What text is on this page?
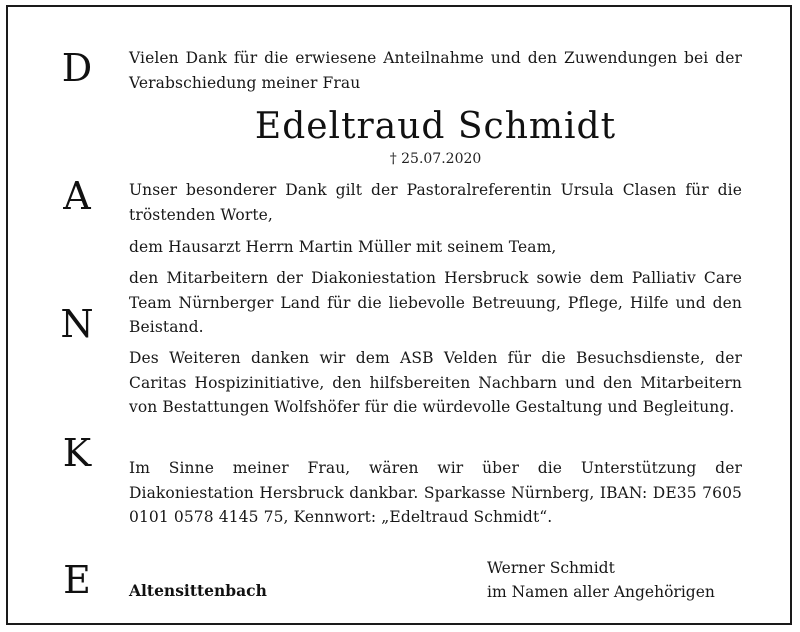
D
A
N
K
E
Vielen Dank für die erwiesene Anteilnahme und den Zuwendungen bei der Verabschiedung meiner Frau
Edeltraud Schmidt
† 25.07.2020
Unser besonderer Dank gilt der Pastoralreferentin Ursula Clasen für die tröstenden Worte,
dem Hausarzt Herrn Martin Müller mit seinem Team,
den Mitarbeitern der Diakoniestation Hersbruck sowie dem Palliativ Care Team Nürnberger Land für die liebevolle Betreuung, Pflege, Hilfe und den Beistand.
Des Weiteren danken wir dem ASB Velden für die Besuchsdienste, der Caritas Hospizinitiative, den hilfsbereiten Nachbarn und den Mitarbeitern von Bestattungen Wolfshöfer für die würdevolle Gestaltung und Begleitung.
Im Sinne meiner Frau, wären wir über die Unterstützung der Diakoniestation Hersbruck dankbar. Sparkasse Nürnberg, IBAN: DE35 7605 0101 0578 4145 75, Kennwort: „Edeltraud Schmidt“.
Altensittenbach
Werner Schmidt
im Namen aller Angehörigen
